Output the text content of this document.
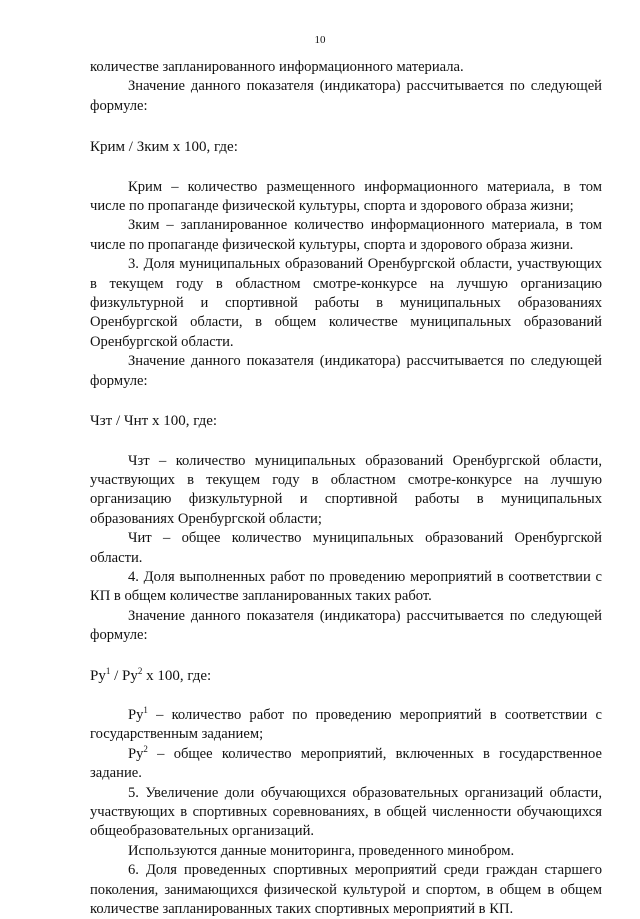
10

количестве запланированного информационного материала.

Значение данного показателя (индикатора) рассчитывается по следующей формуле:

Крим / Зким х 100, где:

Крим – количество размещенного информационного материала, в том числе по пропаганде физической культуры, спорта и здорового образа жизни;

Зким – запланированное количество информационного материала, в том числе по пропаганде физической культуры, спорта и здорового образа жизни.

3. Доля муниципальных образований Оренбургской области, участвующих в текущем году в областном смотре-конкурсе на лучшую организацию физкультурной и спортивной работы в муниципальных образованиях Оренбургской области, в общем количестве муниципальных образований Оренбургской области.

Значение данного показателя (индикатора) рассчитывается по следующей формуле:

Чзт / Чнт х 100, где:

Чзт – количество муниципальных образований Оренбургской области, участвующих в текущем году в областном смотре-конкурсе на лучшую организацию физкультурной и спортивной работы в муниципальных образованиях Оренбургской области;

Чит – общее количество муниципальных образований Оренбургской области.

4. Доля выполненных работ по проведению мероприятий в соответствии с КП в общем количестве запланированных таких работ.

Значение данного показателя (индикатора) рассчитывается по следующей формуле:

$Ру^1 / Ру^2$ х 100, где:

$Ру^1$ – количество работ по проведению мероприятий в соответствии с государственным заданием;

$Ру^2$ – общее количество мероприятий, включенных в государственное задание.

5. Увеличение доли обучающихся образовательных организаций области, участвующих в спортивных соревнованиях, в общей численности обучающихся общеобразовательных организаций.

Используются данные мониторинга, проведенного минобром.

6. Доля проведенных спортивных мероприятий среди граждан старшего поколения, занимающихся физической культурой и спортом, в общем в общем количестве запланированных таких спортивных мероприятий в КП.
